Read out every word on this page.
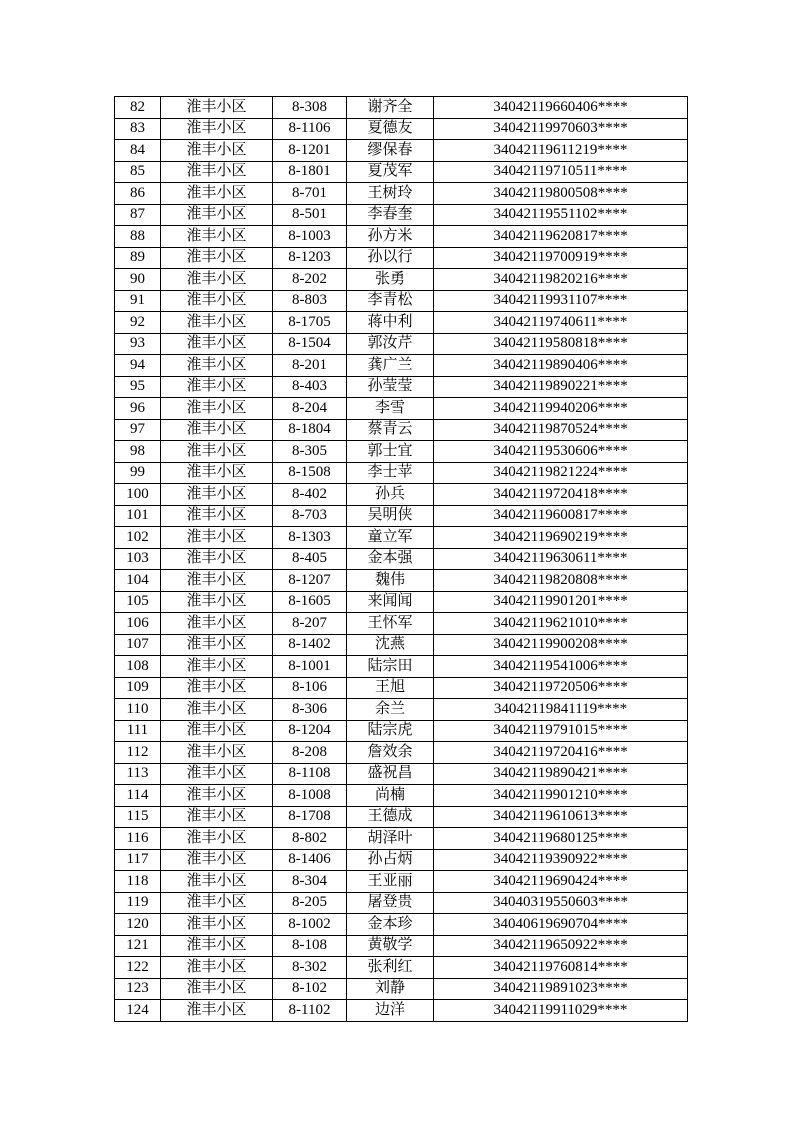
82	淮丰小区	8-308	谢齐全	34042119660406****
83	淮丰小区	8-1106	夏德友	34042119970603****
84	淮丰小区	8-1201	缪保春	34042119611219****
85	淮丰小区	8-1801	夏茂军	34042119710511****
86	淮丰小区	8-701	王树玲	34042119800508****
87	淮丰小区	8-501	李春奎	34042119551102****
88	淮丰小区	8-1003	孙方米	34042119620817****
89	淮丰小区	8-1203	孙以行	34042119700919****
90	淮丰小区	8-202	张勇	34042119820216****
91	淮丰小区	8-803	李青松	34042119931107****
92	淮丰小区	8-1705	蒋中利	34042119740611****
93	淮丰小区	8-1504	郭汝芹	34042119580818****
94	淮丰小区	8-201	龚广兰	34042119890406****
95	淮丰小区	8-403	孙莹莹	34042119890221****
96	淮丰小区	8-204	李雪	34042119940206****
97	淮丰小区	8-1804	蔡青云	34042119870524****
98	淮丰小区	8-305	郭士宜	34042119530606****
99	淮丰小区	8-1508	李士苹	34042119821224****
100	淮丰小区	8-402	孙兵	34042119720418****
101	淮丰小区	8-703	吴明侠	34042119600817****
102	淮丰小区	8-1303	童立军	34042119690219****
103	淮丰小区	8-405	金本强	34042119630611****
104	淮丰小区	8-1207	魏伟	34042119820808****
105	淮丰小区	8-1605	来闻闻	34042119901201****
106	淮丰小区	8-207	王怀军	34042119621010****
107	淮丰小区	8-1402	沈燕	34042119900208****
108	淮丰小区	8-1001	陆宗田	34042119541006****
109	淮丰小区	8-106	王旭	34042119720506****
110	淮丰小区	8-306	余兰	34042119841119****
111	淮丰小区	8-1204	陆宗虎	34042119791015****
112	淮丰小区	8-208	詹效余	34042119720416****
113	淮丰小区	8-1108	盛祝昌	34042119890421****
114	淮丰小区	8-1008	尚楠	34042119901210****
115	淮丰小区	8-1708	王德成	34042119610613****
116	淮丰小区	8-802	胡泽叶	34042119680125****
117	淮丰小区	8-1406	孙占炳	34042119390922****
118	淮丰小区	8-304	王亚丽	34042119690424****
119	淮丰小区	8-205	屠登贵	34040319550603****
120	淮丰小区	8-1002	金本珍	34040619690704****
121	淮丰小区	8-108	黄敬学	34042119650922****
122	淮丰小区	8-302	张利红	34042119760814****
123	淮丰小区	8-102	刘静	34042119891023****
124	淮丰小区	8-1102	边洋	34042119911029****
